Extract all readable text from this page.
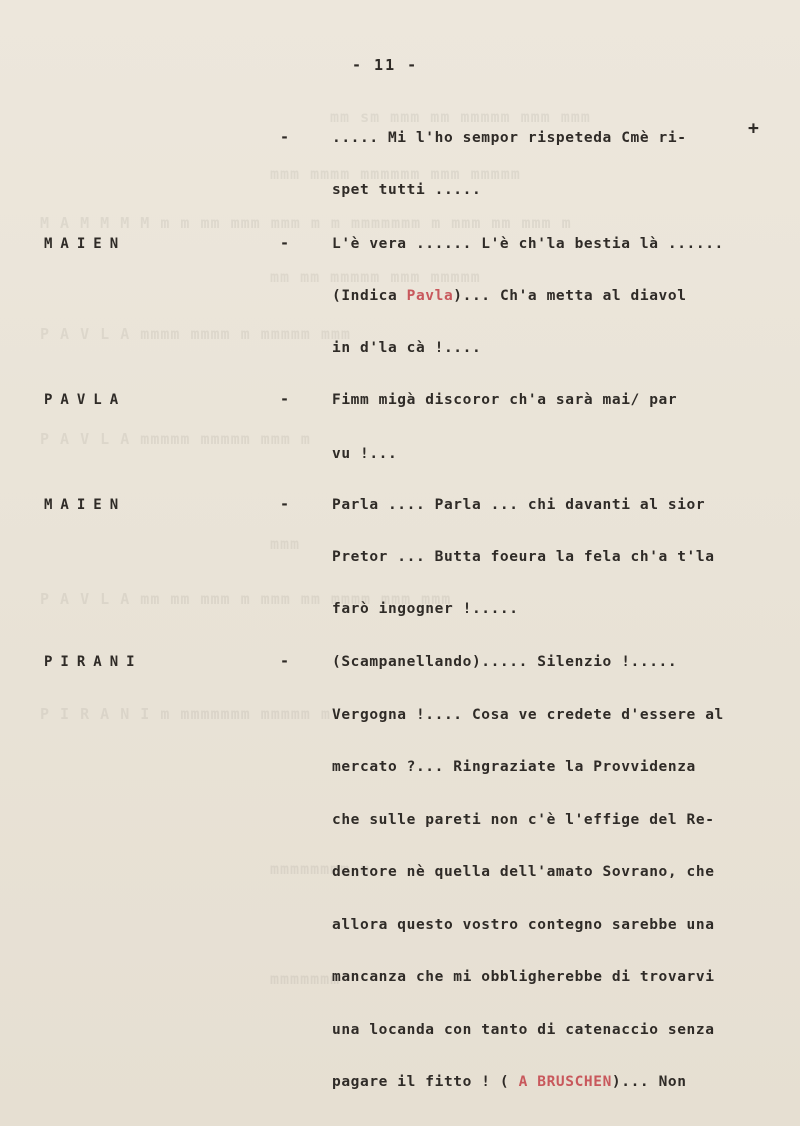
mm sm mmm mm mmmmm mmm mmm
mmm mmmm mmmmmm mmm mmmmm
M A M M M M m m mm mmm mmm m m mmmmmmm m mmm mm mmm m
mm mm mmmmm mmm mmmmm
P A V L A mmmm mmmm m mmmmm mmm
P A V L A mmmmm mmmmm mmm m
mmm
P A V L A mm mm mmm m mmm mm mmmm mmm mmm
P I R A N I m mmmmmmm mmmmm m
mmmmmmmm m
mmmmmmm
- 11 -
-	..... Mi l'ho sempor rispeteda Cmè ri-	+
spet tutti .....
MAIEN	-	L'è vera ...... L'è ch'la bestia là ......
(Indica Pavla)... Ch'a metta al diavol
in d'la cà !....
PAVLA	-	Fimm migà discoror ch'a sarà mai/ par
vu !...
MAIEN	-	Parla .... Parla ... chi davanti al sior
Pretor ... Butta foeura la fela ch'a t'la
farò ingogner !.....
PIRANI	-	(Scampanellando)..... Silenzio !.....
Vergogna !.... Cosa ve credete d'essere al
mercato ?... Ringraziate la Provvidenza
che sulle pareti non c'è l'effige del Re-
dentore nè quella dell'amato Sovrano, che
allora questo vostro contegno sarebbe una
mancanza che mi obbligherebbe di trovarvi
una locanda con tanto di catenaccio senza
pagare il fitto ! ( A BRUSCHEN)... Non
